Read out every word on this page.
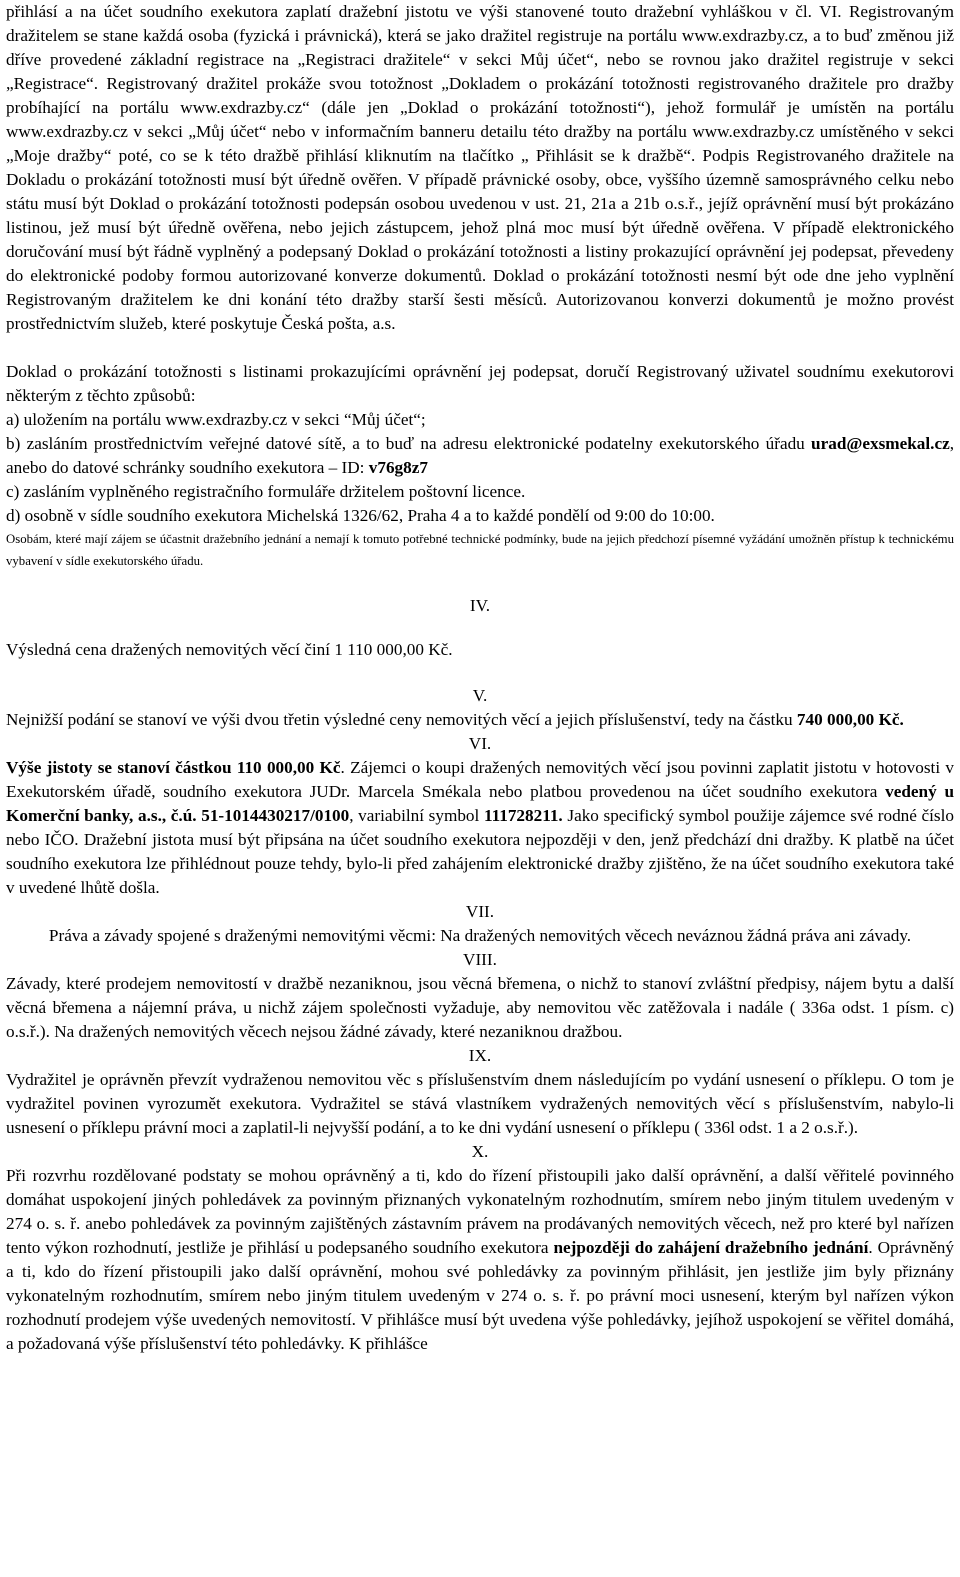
přihlásí a na účet soudního exekutora zaplatí dražební jistotu ve výši stanovené touto dražební vyhláškou v čl. VI. Registrovaným dražitelem se stane každá osoba (fyzická i právnická), která se jako dražitel registruje na portálu www.exdrazby.cz, a to buď změnou již dříve provedené základní registrace na „Registraci dražitele“ v sekci Můj účet“, nebo se rovnou jako dražitel registruje v sekci „Registrace“. Registrovaný dražitel prokáže svou totožnost „Dokladem o prokázání totožnosti registrovaného dražitele pro dražby probíhající na portálu www.exdrazby.cz“ (dále jen „Doklad o prokázání totožnosti“), jehož formulář je umístěn na portálu www.exdrazby.cz v sekci „Můj účet“ nebo v informačním banneru detailu této dražby na portálu www.exdrazby.cz umístěného v sekci „Moje dražby“ poté, co se k této dražbě přihlásí kliknutím na tlačítko „ Přihlásit se k dražbě“. Podpis Registrovaného dražitele na Dokladu o prokázání totožnosti musí být úředně ověřen. V případě právnické osoby, obce, vyššího územně samosprávného celku nebo státu musí být Doklad o prokázání totožnosti podepsán osobou uvedenou v ust. 21, 21a a 21b o.s.ř., jejíž oprávnění musí být prokázáno listinou, jež musí být úředně ověřena, nebo jejich zástupcem, jehož plná moc musí být úředně ověřena. V případě elektronického doručování musí být řádně vyplněný a podepsaný Doklad o prokázání totožnosti a listiny prokazující oprávnění jej podepsat, převedeny do elektronické podoby formou autorizované konverze dokumentů. Doklad o prokázání totožnosti nesmí být ode dne jeho vyplnění Registrovaným dražitelem ke dni konání této dražby starší šesti měsíců. Autorizovanou konverzi dokumentů je možno provést prostřednictvím služeb, které poskytuje Česká pošta, a.s.

Doklad o prokázání totožnosti s listinami prokazujícími oprávnění jej podepsat, doručí Registrovaný uživatel soudnímu exekutorovi některým z těchto způsobů:

a) uložením na portálu www.exdrazby.cz v sekci “Můj účet“;

b) zasláním prostřednictvím veřejné datové sítě, a to buď na adresu elektronické podatelny exekutorského úřadu urad@exsmekal.cz, anebo do datové schránky soudního exekutora – ID: v76g8z7

c) zasláním vyplněného registračního formuláře držitelem poštovní licence.

d) osobně v sídle soudního exekutora Michelská 1326/62, Praha 4 a to každé pondělí od 9:00 do 10:00.

Osobám, které mají zájem se účastnit dražebního jednání a nemají k tomuto potřebné technické podmínky, bude na jejich předchozí písemné vyžádání umožněn přístup k technickému vybavení v sídle exekutorského úřadu.

IV.

Výsledná cena dražených nemovitých věcí činí 1 110 000,00 Kč.

V.

Nejnižší podání se stanoví ve výši dvou třetin výsledné ceny nemovitých věcí a jejich příslušenství, tedy na částku 740 000,00 Kč.

VI.

Výše jistoty se stanoví částkou 110 000,00 Kč. Zájemci o koupi dražených nemovitých věcí jsou povinni zaplatit jistotu v hotovosti v Exekutorském úřadě, soudního exekutora JUDr. Marcela Smékala nebo platbou provedenou na účet soudního exekutora vedený u Komerční banky, a.s., č.ú. 51-1014430217/0100, variabilní symbol 111728211. Jako specifický symbol použije zájemce své rodné číslo nebo IČO. Dražební jistota musí být připsána na účet soudního exekutora nejpozději v den, jenž předchází dni dražby. K platbě na účet soudního exekutora lze přihlédnout pouze tehdy, bylo-li před zahájením elektronické dražby zjištěno, že na účet soudního exekutora také v uvedené lhůtě došla.

VII.

Práva a závady spojené s draženými nemovitými věcmi: Na dražených nemovitých věcech neváznou žádná práva ani závady.

VIII.

Závady, které prodejem nemovitostí v dražbě nezaniknou, jsou věcná břemena, o nichž to stanoví zvláštní předpisy, nájem bytu a další věcná břemena a nájemní práva, u nichž zájem společnosti vyžaduje, aby nemovitou věc zatěžovala i nadále ( 336a odst. 1 písm. c) o.s.ř.). Na dražených nemovitých věcech nejsou žádné závady, které nezaniknou dražbou.

IX.

Vydražitel je oprávněn převzít vydraženou nemovitou věc s příslušenstvím dnem následujícím po vydání usnesení o příklepu. O tom je vydražitel povinen vyrozumět exekutora. Vydražitel se stává vlastníkem vydražených nemovitých věcí s příslušenstvím, nabylo-li usnesení o příklepu právní moci a zaplatil-li nejvyšší podání, a to ke dni vydání usnesení o příklepu ( 336l odst. 1 a 2 o.s.ř.).

X.

Při rozvrhu rozdělované podstaty se mohou oprávněný a ti, kdo do řízení přistoupili jako další oprávnění, a další věřitelé povinného domáhat uspokojení jiných pohledávek za povinným přiznaných vykonatelným rozhodnutím, smírem nebo jiným titulem uvedeným v 274 o. s. ř. anebo pohledávek za povinným zajištěných zástavním právem na prodávaných nemovitých věcech, než pro které byl nařízen tento výkon rozhodnutí, jestliže je přihlásí u podepsaného soudního exekutora nejpozději do zahájení dražebního jednání. Oprávněný a ti, kdo do řízení přistoupili jako další oprávnění, mohou své pohledávky za povinným přihlásit, jen jestliže jim byly přiznány vykonatelným rozhodnutím, smírem nebo jiným titulem uvedeným v 274 o. s. ř. po právní moci usnesení, kterým byl nařízen výkon rozhodnutí prodejem výše uvedených nemovitostí. V přihlášce musí být uvedena výše pohledávky, jejíhož uspokojení se věřitel domáhá, a požadovaná výše příslušenství této pohledávky. K přihlášce
